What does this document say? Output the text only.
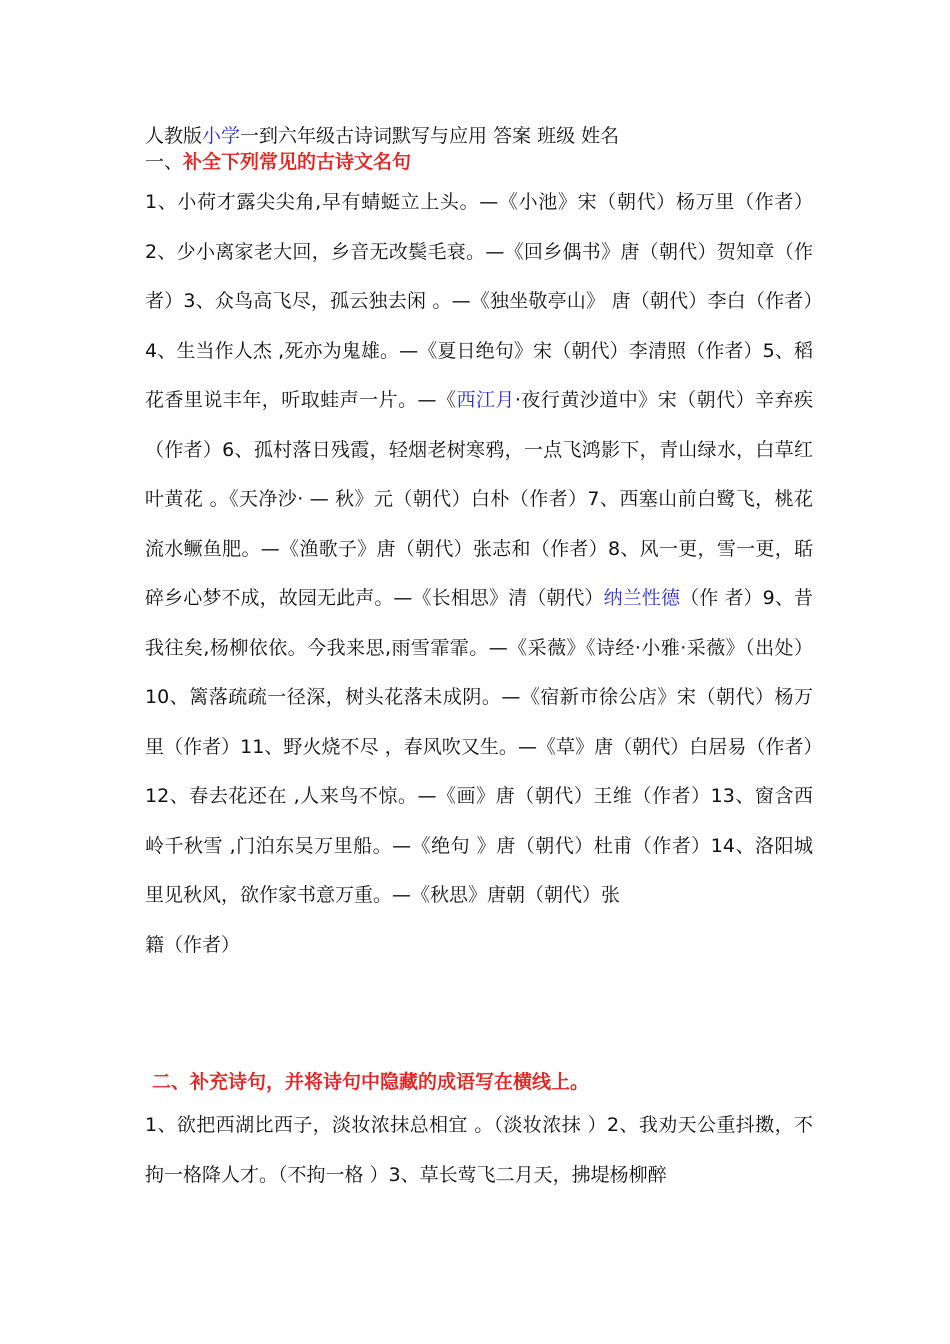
人教版小学一到六年级古诗词默写与应用 答案 班级 姓名
一、补全下列常见的古诗文名句
1、小荷才露尖尖角,早有蜻蜓立上头。—《小池》宋（朝代）杨万里（作者）2、少小离家老大回，乡音无改鬓毛衰。—《回乡偶书》唐（朝代）贺知章（作者）3、众鸟高飞尽，孤云独去闲 。—《独坐敬亭山》 唐（朝代）李白（作者）4、生当作人杰 ,死亦为鬼雄。—《夏日绝句》宋（朝代）李清照（作者）5、稻花香里说丰年，听取蛙声一片。—《西江月·夜行黄沙道中》宋（朝代）辛弃疾（作者）6、孤村落日残霞，轻烟老树寒鸦，一点飞鸿影下，青山绿水，白草红叶黄花 。《天净沙· — 秋》元（朝代）白朴（作者）7、西塞山前白鹭飞，桃花流水鳜鱼肥。—《渔歌子》唐（朝代）张志和（作者）8、风一更，雪一更，聒碎乡心梦不成，故园无此声。—《长相思》清（朝代）纳兰性德（作 者）9、昔我往矣,杨柳依依。今我来思,雨雪霏霏。—《采薇》《诗经·小雅·采薇》（出处）10、篱落疏疏一径深，树头花落未成阴。—《宿新市徐公店》宋（朝代）杨万里（作者）11、野火烧不尽 ，春风吹又生。—《草》唐（朝代）白居易（作者）12、春去花还在 ,人来鸟不惊。—《画》唐（朝代）王维（作者）13、窗含西岭千秋雪 ,门泊东吴万里船。—《绝句 》唐（朝代）杜甫（作者）14、洛阳城里见秋风，欲作家书意万重。—《秋思》唐朝（朝代）张
籍（作者）
二、补充诗句，并将诗句中隐藏的成语写在横线上。
1、欲把西湖比西子，淡妆浓抹总相宜 。（淡妆浓抹 ）2、我劝天公重抖擞，不拘一格降人才。（不拘一格 ）3、草长莺飞二月天，拂堤杨柳醉
